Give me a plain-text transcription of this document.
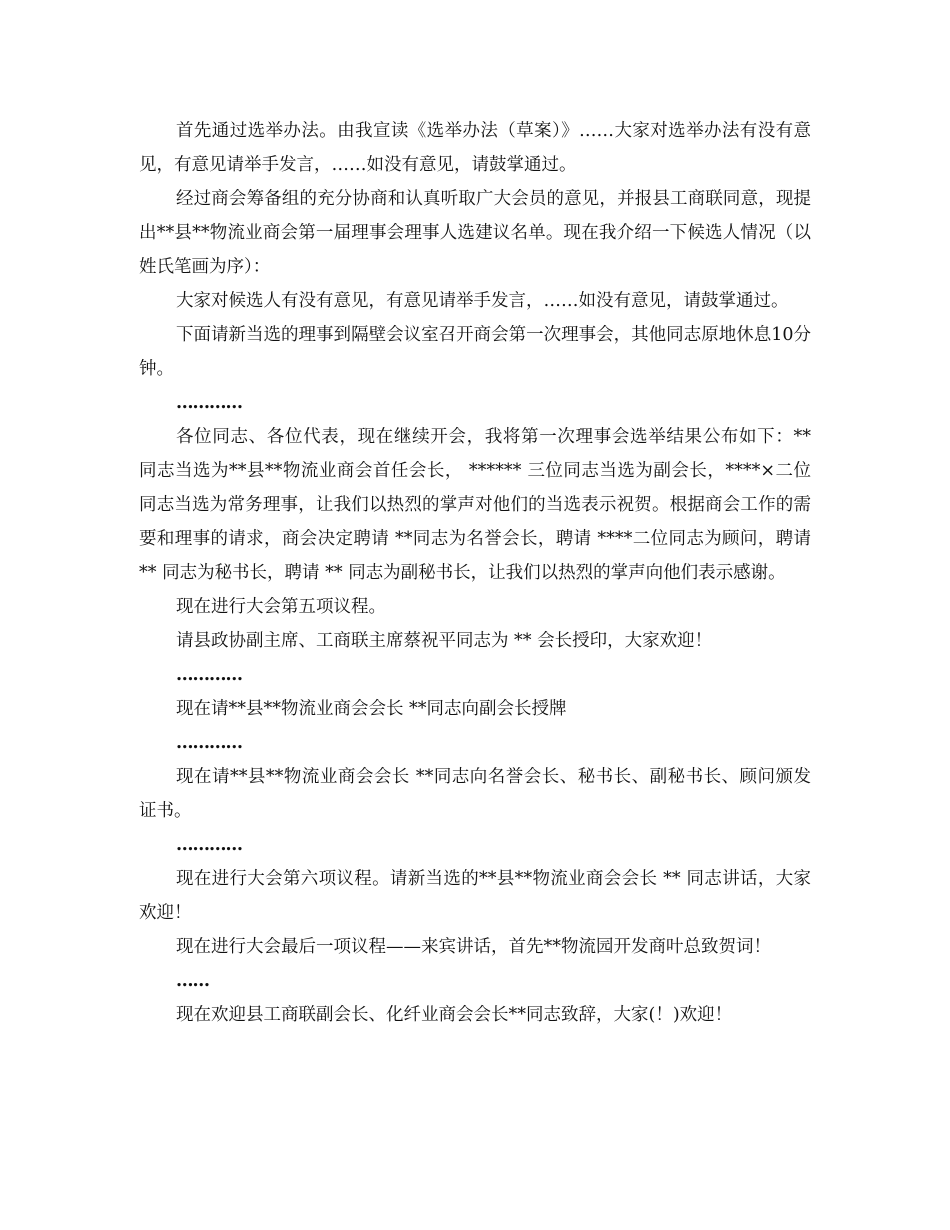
首先通过选举办法。由我宣读《选举办法（草案）》……大家对选举办法有没有意见，有意见请举手发言，……如没有意见，请鼓掌通过。

经过商会筹备组的充分协商和认真听取广大会员的意见，并报县工商联同意，现提出**县**物流业商会第一届理事会理事人选建议名单。现在我介绍一下候选人情况（以姓氏笔画为序）：

大家对候选人有没有意见，有意见请举手发言，……如没有意见，请鼓掌通过。

下面请新当选的理事到隔壁会议室召开商会第一次理事会，其他同志原地休息10分钟。

…………

各位同志、各位代表，现在继续开会，我将第一次理事会选举结果公布如下：** 同志当选为**县**物流业商会首任会长， ****** 三位同志当选为副会长，****×二位同志当选为常务理事，让我们以热烈的掌声对他们的当选表示祝贺。根据商会工作的需要和理事的请求，商会决定聘请 **同志为名誉会长，聘请 ****二位同志为顾问，聘请 ** 同志为秘书长，聘请 ** 同志为副秘书长，让我们以热烈的掌声向他们表示感谢。

现在进行大会第五项议程。

请县政协副主席、工商联主席蔡祝平同志为 ** 会长授印，大家欢迎！

…………

现在请**县**物流业商会会长 **同志向副会长授牌

…………

现在请**县**物流业商会会长 **同志向名誉会长、秘书长、副秘书长、顾问颁发证书。

…………

现在进行大会第六项议程。请新当选的**县**物流业商会会长 ** 同志讲话，大家欢迎！

现在进行大会最后一项议程——来宾讲话，首先**物流园开发商叶总致贺词！

……

现在欢迎县工商联副会长、化纤业商会会长**同志致辞，大家(！)欢迎！
